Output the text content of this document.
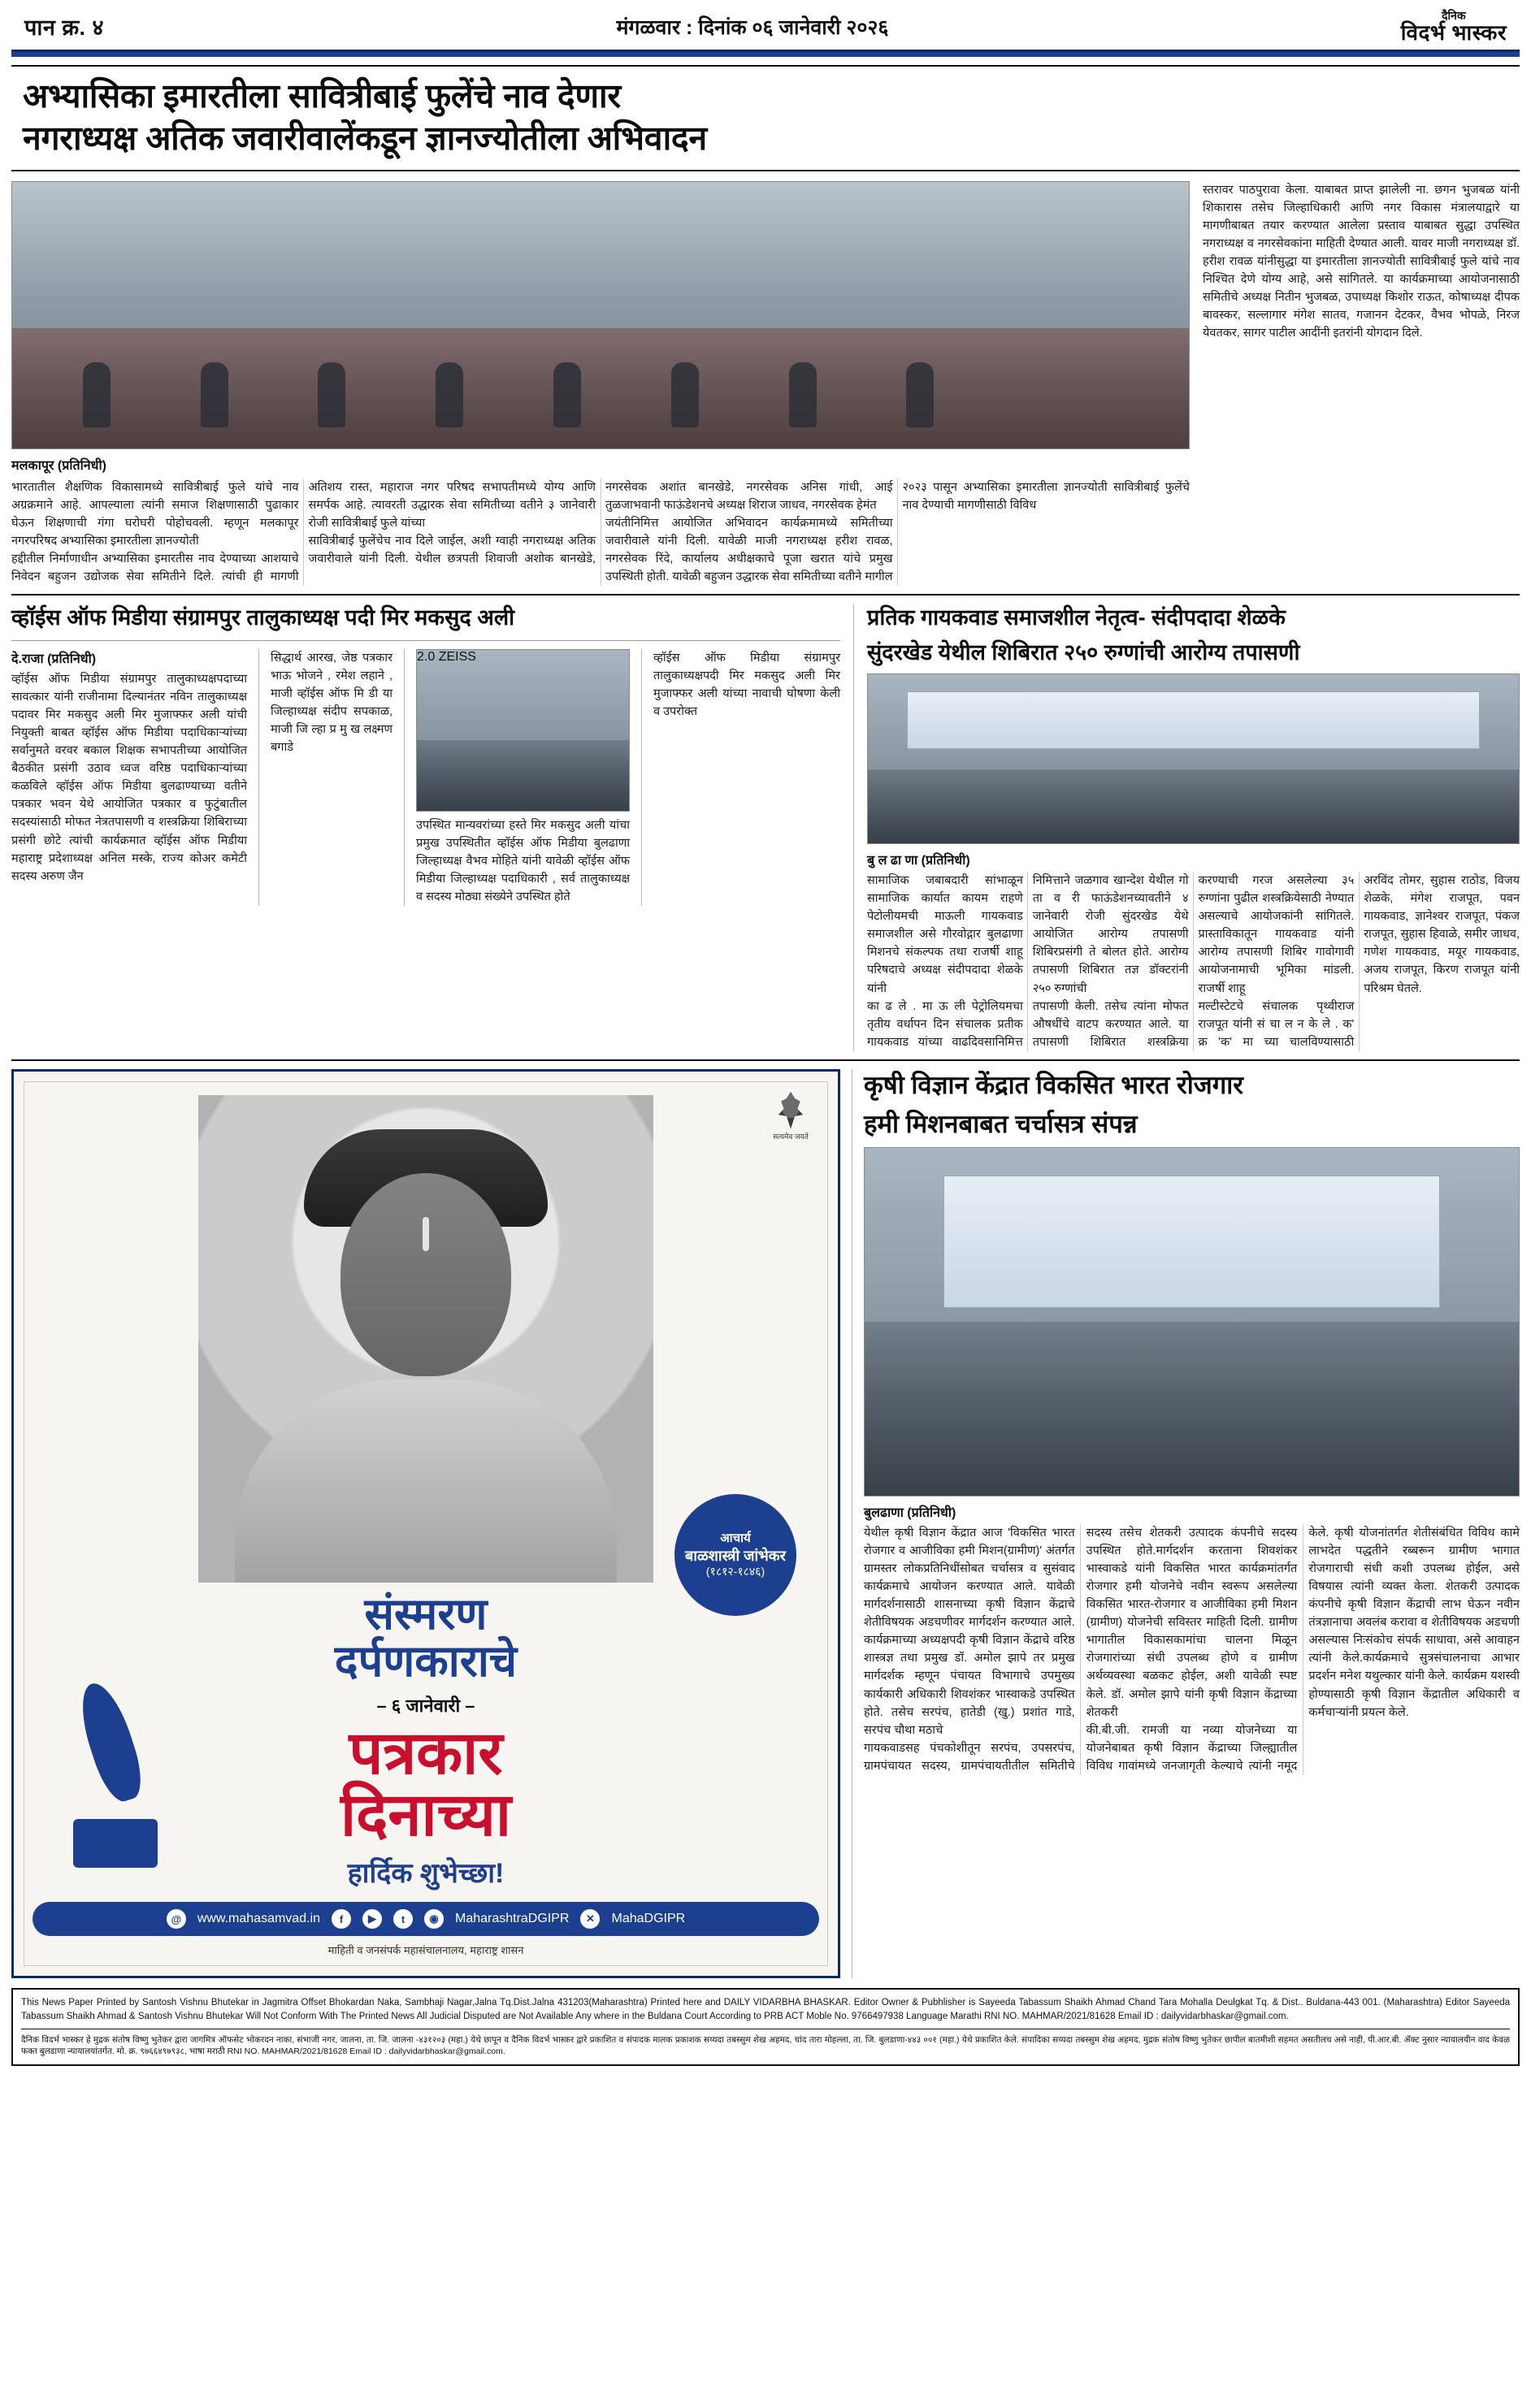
पान क्र. ४	मंगळवार : दिनांक ०६ जानेवारी २०२६
दैनिक
विदर्भ भास्कर
अभ्यासिका इमारतीला सावित्रीबाई फुलेंचे नाव देणार
नगराध्यक्ष अतिक जवारीवालेंकडून ज्ञानज्योतीला अभिवादन
मलकापूर (प्रतिनिधी)
भारतातील शैक्षणिक विकासामध्ये सावित्रीबाई फुले यांचे नाव अग्रक्रमाने आहे. आपल्याला त्यांनी समाज शिक्षणासाठी पुढाकार घेऊन शिक्षणाची गंगा घरोघरी पोहोचवली. म्हणून मलकापूर नगरपरिषद अभ्यासिका इमारतीला ज्ञानज्योती
हद्दीतील निर्माणाधीन अभ्यासिका इमारतीस नाव देण्याच्या आशयाचे निवेदन बहुजन उद्योजक सेवा समितीने दिले. त्यांची ही मागणी अतिशय रास्त, महाराज नगर परिषद सभापतीमध्ये योग्य आणि समर्पक आहे. त्यावरती उद्धारक सेवा समितीच्या वतीने ३ जानेवारी रोजी सावित्रीबाई फुले यांच्या
सावित्रीबाई फुलेंचेच नाव दिले जाईल, अशी ग्वाही नगराध्यक्ष अतिक जवारीवाले यांनी दिली. येथील छत्रपती शिवाजी अशोक बानखेडे, नगरसेवक अशांत बानखेडे, नगरसेवक अनिस गांधी, आई तुळजाभवानी फाऊंडेशनचे अध्यक्ष शिराज जाधव, नगरसेवक हेमंत
जयंतीनिमित्त आयोजित अभिवादन कार्यक्रमामध्ये समितीच्या जवारीवाले यांनी दिली. यावेळी माजी नगराध्यक्ष हरीश रावळ, नगरसेवक रिंदे, कार्यालय अधीक्षकाचे पूजा खरात यांचे प्रमुख उपस्थिती होती. यावेळी बहुजन उद्धारक सेवा समितीच्या वतीने मागील २०२३ पासून अभ्यासिका इमारतीला ज्ञानज्योती सावित्रीबाई फुलेंचे नाव देण्याची मागणीसाठी विविध
स्तरावर पाठपुरावा केला. याबाबत प्राप्त झालेली ना. छगन भुजबळ यांनी शिकारास तसेच जिल्हाधिकारी आणि नगर विकास मंत्रालयाद्वारे या मागणीबाबत तयार करण्यात आलेला प्रस्ताव याबाबत सुद्धा उपस्थित नगराध्यक्ष व नगरसेवकांना माहिती देण्यात आली. यावर माजी नगराध्यक्ष डॉ. हरीश रावळ यांनीसुद्धा या इमारतीला ज्ञानज्योती सावित्रीबाई फुले यांचे नाव निश्चित देणे योग्य आहे, असे सांगितले. या कार्यक्रमाच्या आयोजनासाठी समितीचे अध्यक्ष नितीन भुजबळ, उपाध्यक्ष किशोर राऊत, कोषाध्यक्ष दीपक बावस्कर, सल्लागार मंगेश सातव, गजानन देटकर, वैभव भोपळे, निरज येवतकर, सागर पाटील आदींनी इतरांनी योगदान दिले.
व्हॉईस ऑफ मिडीया संग्रामपुर तालुकाध्यक्ष पदी मिर मकसुद अली
दे.राजा (प्रतिनिधी)
व्हॉईस ऑफ मिडीया संग्रामपुर तालुकाध्यक्षपदाच्या सावत्कार यांनी राजीनामा दिल्यानंतर नविन तालुकाध्यक्ष पदावर मिर मकसुद अली मिर मुजाफ्फर अली यांची नियुक्ती बाबत व्हॉईस ऑफ मिडीया पदाधिकाऱ्यांच्या सर्वानुमते वरवर बकाल शिक्षक सभापतीच्या आयोजित बैठकीत प्रसंगी उठाव ध्वज वरिष्ठ पदाधिकाऱ्यांच्या कळविले व्हॉईस ऑफ मिडीया बुलढाण्याच्या वतीने पत्रकार भवन येथे आयोजित पत्रकार व फुटुंबातील सदस्यांसाठी मोफत नेत्रतपासणी व शस्त्रक्रिया शिबिराच्या प्रसंगी छोटे त्यांची कार्यक्रमात व्हॉईस ऑफ मिडीया महाराष्ट्र प्रदेशाध्यक्ष अनिल मस्के, राज्य कोअर कमेटी सदस्य अरुण जैन
सिद्धार्थ आरख, जेष्ठ पत्रकार भाऊ भोजने , रमेश लहाने , माजी व्हॉईस ऑफ मि डी या जिल्हाध्यक्ष संदीप सपकाळ, माजी जि ल्हा प्र मु ख लक्ष्मण बगाडे
2.0 ZEISS
उपस्थित मान्यवरांच्या हस्ते मिर मकसुद अली यांचा प्रमुख उपस्थितीत व्हॉईस ऑफ मिडीया बुलढाणा जिल्हाध्यक्ष वैभव मोहिते यांनी यावेळी व्हॉईस ऑफ मिडीया जिल्हाध्यक्ष पदाधिकारी , सर्व तालुकाध्यक्ष व सदस्य मोठ्या संख्येने उपस्थित होते
व्हॉईस ऑफ मिडीया संग्रामपुर तालुकाध्यक्षपदी मिर मकसुद अली मिर मुजाफ्फर अली यांच्या नावाची घोषणा केली व उपरोक्त
प्रतिक गायकवाड समाजशील नेतृत्व- संदीपदादा शेळके
सुंदरखेड येथील शिबिरात २५० रुग्णांची आरोग्य तपासणी
बु ल ढा णा (प्रतिनिधी)
सामाजिक जबाबदारी सांभाळून सामाजिक कार्यात कायम राहणे पेटोलीयमची माऊली गायकवाड समाजशील असे गौरवोद्गार बुलढाणा मिशनचे संकल्पक तथा राजर्षी शाहू परिषदाचे अध्यक्ष संदीपदादा शेळके यांनी
का ढ ले . मा ऊ ली पेट्रोलियमचा तृतीय वर्धापन दिन संचालक प्रतीक गायकवाड यांच्या वाढदिवसानिमित्त निमित्ताने जळगाव खान्देश येथील गो ता व री फाऊंडेशनच्यावतीने ४ जानेवारी रोजी सुंदरखेड येथे आयोजित आरोग्य तपासणी शिबिरप्रसंगी ते बोलत होते. आरोग्य तपासणी शिबिरात तज्ञ डॉक्टरांनी २५० रुग्णांची
तपासणी केली. तसेच त्यांना मोफत औषधींचे वाटप करण्यात आले. या तपासणी शिबिरात शस्त्रक्रिया करण्याची गरज असलेल्या ३५ रुग्णांना पुढील शस्त्रक्रियेसाठी नेण्यात असल्याचे आयोजकांनी सांगितले. प्रास्ताविकातून गायकवाड यांनी आरोग्य तपासणी शिबिर गावोगावी आयोजनामाची भूमिका मांडली. राजर्षी शाहू
मल्टीस्टेटचे संचालक पृथ्वीराज राजपूत यांनी सं चा ल न के ले . क' क्र 'क' मा च्या चालविण्यासाठी अरविंद तोमर, सुहास राठोड, विजय शेळके, मंगेश राजपूत, पवन गायकवाड, ज्ञानेश्वर राजपूत, पंकज राजपूत, सुहास हिवाळे, समीर जाधव, गणेश गायकवाड, मयूर गायकवाड, अजय राजपूत, किरण राजपूत यांनी परिश्रम घेतले.
सत्यमेव जयते
आचार्य
बाळशास्त्री जांभेकर
(१८१२-१८४६)
संस्मरण
दर्पणकाराचे
– ६ जानेवारी –
पत्रकार
दिनाच्या
हार्दिक शुभेच्छा!
@	www.mahasamvad.in	f	▶	t	◉	MaharashtraDGIPR	✕	MahaDGIPR
माहिती व जनसंपर्क महासंचालनालय, महाराष्ट्र शासन
कृषी विज्ञान केंद्रात विकसित भारत रोजगार
हमी मिशनबाबत चर्चासत्र संपन्न
बुलढाणा (प्रतिनिधी)
येथील कृषी विज्ञान केंद्रात आज 'विकसित भारत रोजगार व आजीविका हमी मिशन(ग्रामीण)' अंतर्गत ग्रामस्तर लोकप्रतिनिधींसोबत चर्चासत्र व सुसंवाद कार्यक्रमाचे आयोजन करण्यात आले. यावेळी मार्गदर्शनासाठी शासनाच्या कृषी विज्ञान केंद्राचे शेतीविषयक अडचणीवर मार्गदर्शन करण्यात आले. कार्यक्रमाच्या अध्यक्षपदी कृषी विज्ञान केंद्राचे वरिष्ठ शास्त्रज्ञ तथा प्रमुख डॉ. अमोल झापे तर प्रमुख मार्गदर्शक म्हणून पंचायत विभागाचे उपमुख्य कार्यकारी अधिकारी शिवशंकर भास्वाकडे उपस्थित होते. तसेच सरपंच, हातेडी (खु.) प्रशांत गाडे, सरपंच चौथा मठाचे
गायकवाडसह पंचकोशीतून सरपंच, उपसरपंच, ग्रामपंचायत सदस्य, ग्रामपंचायतीतील समितीचे सदस्य तसेच शेतकरी उत्पादक कंपनीचे सदस्य उपस्थित होते.मार्गदर्शन करताना शिवशंकर भास्वाकडे यांनी विकसित भारत कार्यक्रमांतर्गत रोजगार हमी योजनेचे नवीन स्वरूप असलेल्या विकसित भारत-रोजगार व आजीविका हमी मिशन (ग्रामीण) योजनेची सविस्तर माहिती दिली. ग्रामीण भागातील विकासकामांचा चालना मिळून रोजगारांच्या संधी उपलब्ध होणे व ग्रामीण अर्थव्यवस्था बळकट होईल, अशी यावेळी स्पष्ट केले. डॉ. अमोल झापे यांनी कृषी विज्ञान केंद्राच्या शेतकरी
की.बी.जी. रामजी या नव्या योजनेच्या या योजनेबाबत कृषी विज्ञान केंद्राच्या जिल्ह्यातील विविध गावांमध्ये जनजागृती केल्याचे त्यांनी नमूद केले. कृषी योजनांतर्गत शेतीसंबंधित विविध कामे लाभदेत पद्धतीने रब्बरून ग्रामीण भागात रोजगाराची संधी कशी उपलब्ध होईल, असे विषयास त्यांनी व्यक्त केला. शेतकरी उत्पादक कंपनीचे कृषी विज्ञान केंद्राची लाभ घेऊन नवीन तंत्रज्ञानाचा अवलंब करावा व शेतीविषयक अडचणी असल्यास निःसंकोच संपर्क साधावा, असे आवाहन त्यांनी केले.कार्यक्रमाचे सुत्रसंचालनाचा आभार प्रदर्शन मनेश यथुल्कार यांनी केले. कार्यक्रम यशस्वी होण्यासाठी कृषी विज्ञान केंद्रातील अधिकारी व कर्मचाऱ्यांनी प्रयत्न केले.
This News Paper Printed by Santosh Vishnu Bhutekar in Jagmitra Offset Bhokardan Naka, Sambhaji Nagar,Jalna Tq.Dist.Jalna 431203(Maharashtra) Printed here and DAILY VIDARBHA BHASKAR. Editor Owner & Pubhlisher is Sayeeda Tabassum Shaikh Ahmad Chand Tara Mohalla Deulgkat Tq. & Dist.. Buldana-443 001. (Maharashtra) Editor Sayeeda Tabassum Shaikh Ahmad & Santosh Vishnu Bhutekar Will Not Conform With The Printed News All Judicial Disputed are Not Available Any where in the Buldana Court According to PRB ACT Moble No. 9766497938 Language Marathi RNI NO. MAHMAR/2021/81628 Email ID : dailyvidarbhaskar@gmail.com.
दैनिक विदर्भ भास्कर हे मुद्रक संतोष विष्णु भुतेकर द्वारा जागमित्र ऑफसेट भोकरदन नाका, संभाजी नगर, जालना, ता. जि. जालना -४३१२०३ (महा.) येथे छापून व दैनिक विदर्भ भास्कर द्वारे प्रकाशित व संपादक मालक प्रकाशक सय्यदा तबस्सुम शेख अहमद, चांद तारा मोहल्ला, ता. जि. बुलडाणा-४४३ ००१ (महा.) येथे प्रकाशित केले. संपादिका सय्यदा तबस्सुम शेख अहमद, मुद्रक संतोष विष्णु भुतेकर छापील बातमीशी सहमत असतीलच असे नाही, पी.आर.बी. ॲक्ट नुसार न्यायालयीन वाद केवळ फक्त बुलडाणा न्यायालयांतर्गत. मो. क्र. ९७६६४९७९३८, भाषा मराठी RNI NO. MAHMAR/2021/81628 Email ID : dailyvidarbhaskar@gmail.com.
